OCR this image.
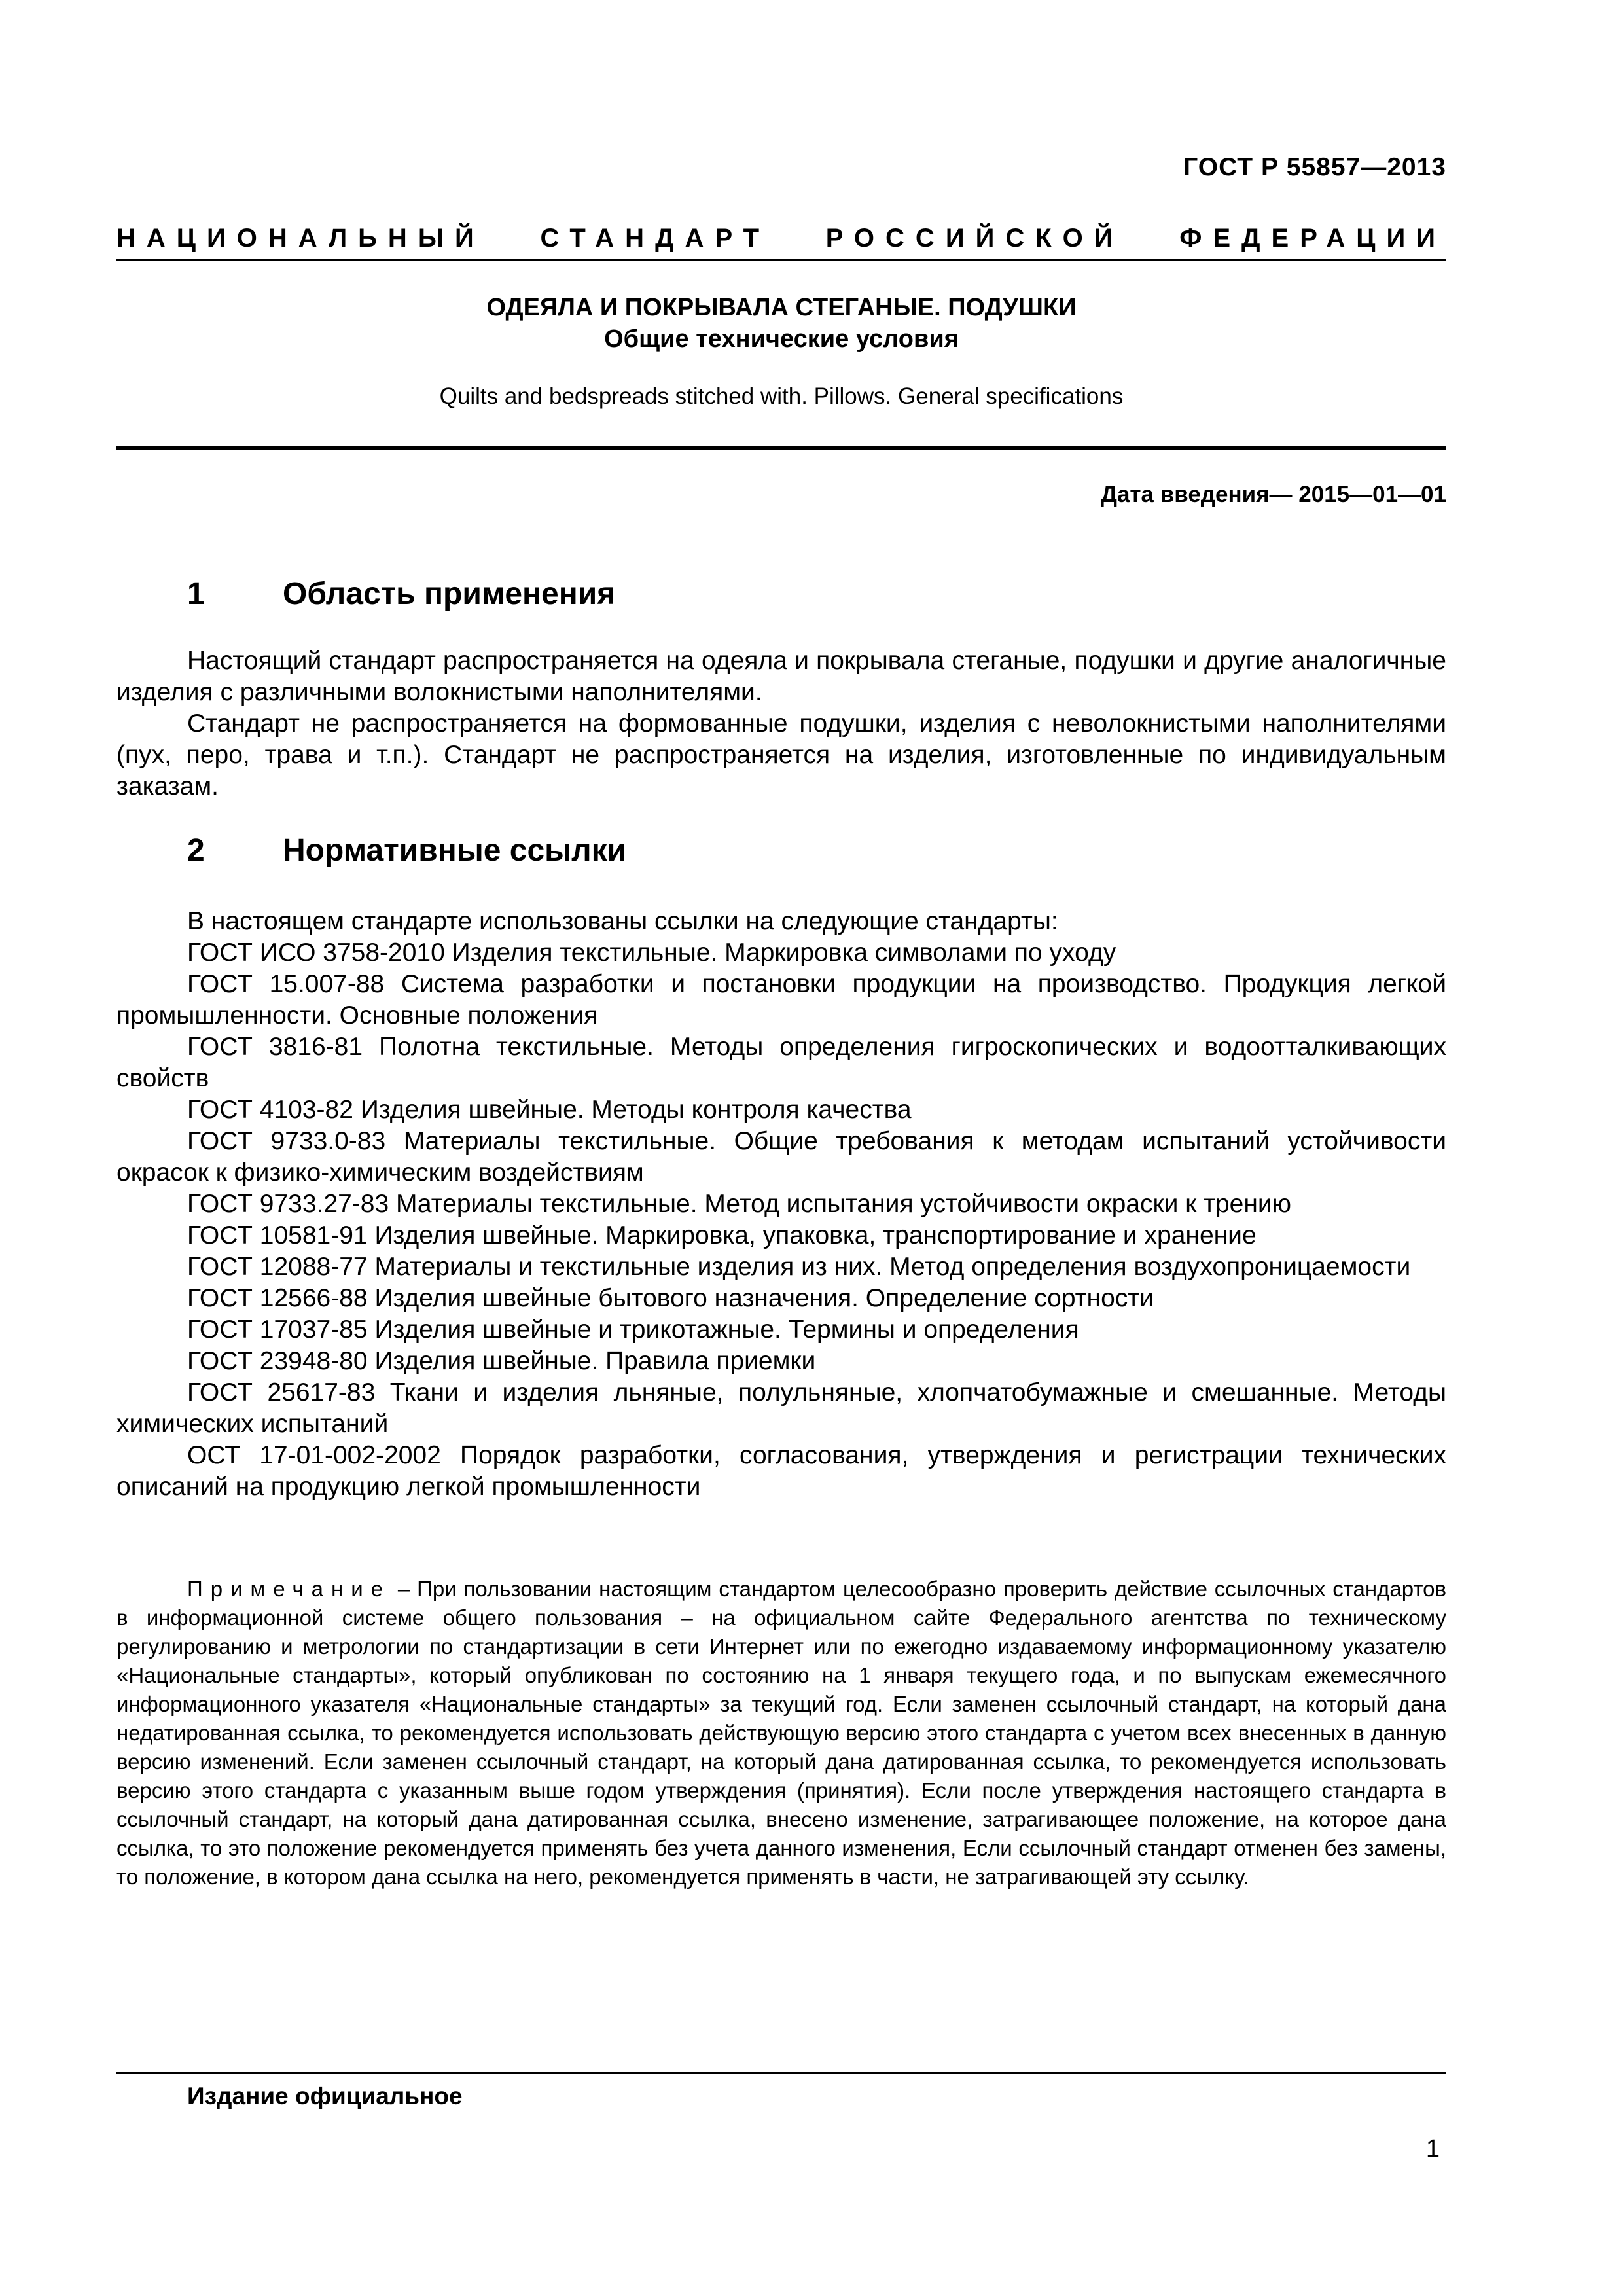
ГОСТ Р 55857—2013
НАЦИОНАЛЬНЫЙ СТАНДАРТ РОССИЙСКОЙ ФЕДЕРАЦИИ
ОДЕЯЛА И ПОКРЫВАЛА СТЕГАНЫЕ. ПОДУШКИ
Общие технические условия
Quilts and bedspreads stitched with. Pillows. General specifications
Дата введения— 2015—01—01
1	Область применения

Настоящий стандарт распространяется на одеяла и покрывала стеганые, подушки и другие аналогичные изделия с различными волокнистыми наполнителями.

Стандарт не распространяется на формованные подушки, изделия с неволокнистыми наполнителями (пух, перо, трава и т.п.). Стандарт не распространяется на изделия, изготовленные по индивидуальным заказам.

2	Нормативные ссылки

В настоящем стандарте использованы ссылки на следующие стандарты:

ГОСТ ИСО 3758-2010 Изделия текстильные. Маркировка символами по уходу

ГОСТ 15.007-88 Система разработки и постановки продукции на производство. Продукция легкой промышленности. Основные положения

ГОСТ 3816-81 Полотна текстильные. Методы определения гигроскопических и водоотталкивающих свойств

ГОСТ 4103-82 Изделия швейные. Методы контроля качества

ГОСТ 9733.0-83 Материалы текстильные. Общие требования к методам испытаний устойчивости окрасок к физико-химическим воздействиям

ГОСТ 9733.27-83 Материалы текстильные. Метод испытания устойчивости окраски к трению

ГОСТ 10581-91 Изделия швейные. Маркировка, упаковка, транспортирование и хранение

ГОСТ 12088-77 Материалы и текстильные изделия из них. Метод определения воздухопроницаемости

ГОСТ 12566-88 Изделия швейные бытового назначения. Определение сортности

ГОСТ 17037-85 Изделия швейные и трикотажные. Термины и определения

ГОСТ 23948-80 Изделия швейные. Правила приемки

ГОСТ 25617-83 Ткани и изделия льняные, полульняные, хлопчатобумажные и смешанные. Методы химических испытаний

ОСТ 17-01-002-2002 Порядок разработки, согласования, утверждения и регистрации технических описаний на продукцию легкой промышленности

Примечание – При пользовании настоящим стандартом целесообразно проверить действие ссылочных стандартов в информационной системе общего пользования – на официальном сайте Федерального агентства по техническому регулированию и метрологии по стандартизации в сети Интернет или по ежегодно издаваемому информационному указателю «Национальные стандарты», который опубликован по состоянию на 1 января текущего года, и по выпускам ежемесячного информационного указателя «Национальные стандарты» за текущий год. Если заменен ссылочный стандарт, на который дана недатированная ссылка, то рекомендуется использовать действующую версию этого стандарта с учетом всех внесенных в данную версию изменений. Если заменен ссылочный стандарт, на который дана датированная ссылка, то рекомендуется использовать версию этого стандарта с указанным выше годом утверждения (принятия). Если после утверждения настоящего стандарта в ссылочный стандарт, на который дана датированная ссылка, внесено изменение, затрагивающее положение, на которое дана ссылка, то это положение рекомендуется применять без учета данного изменения, Если ссылочный стандарт отменен без замены, то положение, в котором дана ссылка на него, рекомендуется применять в части, не затрагивающей эту ссылку.
Издание официальное
1
